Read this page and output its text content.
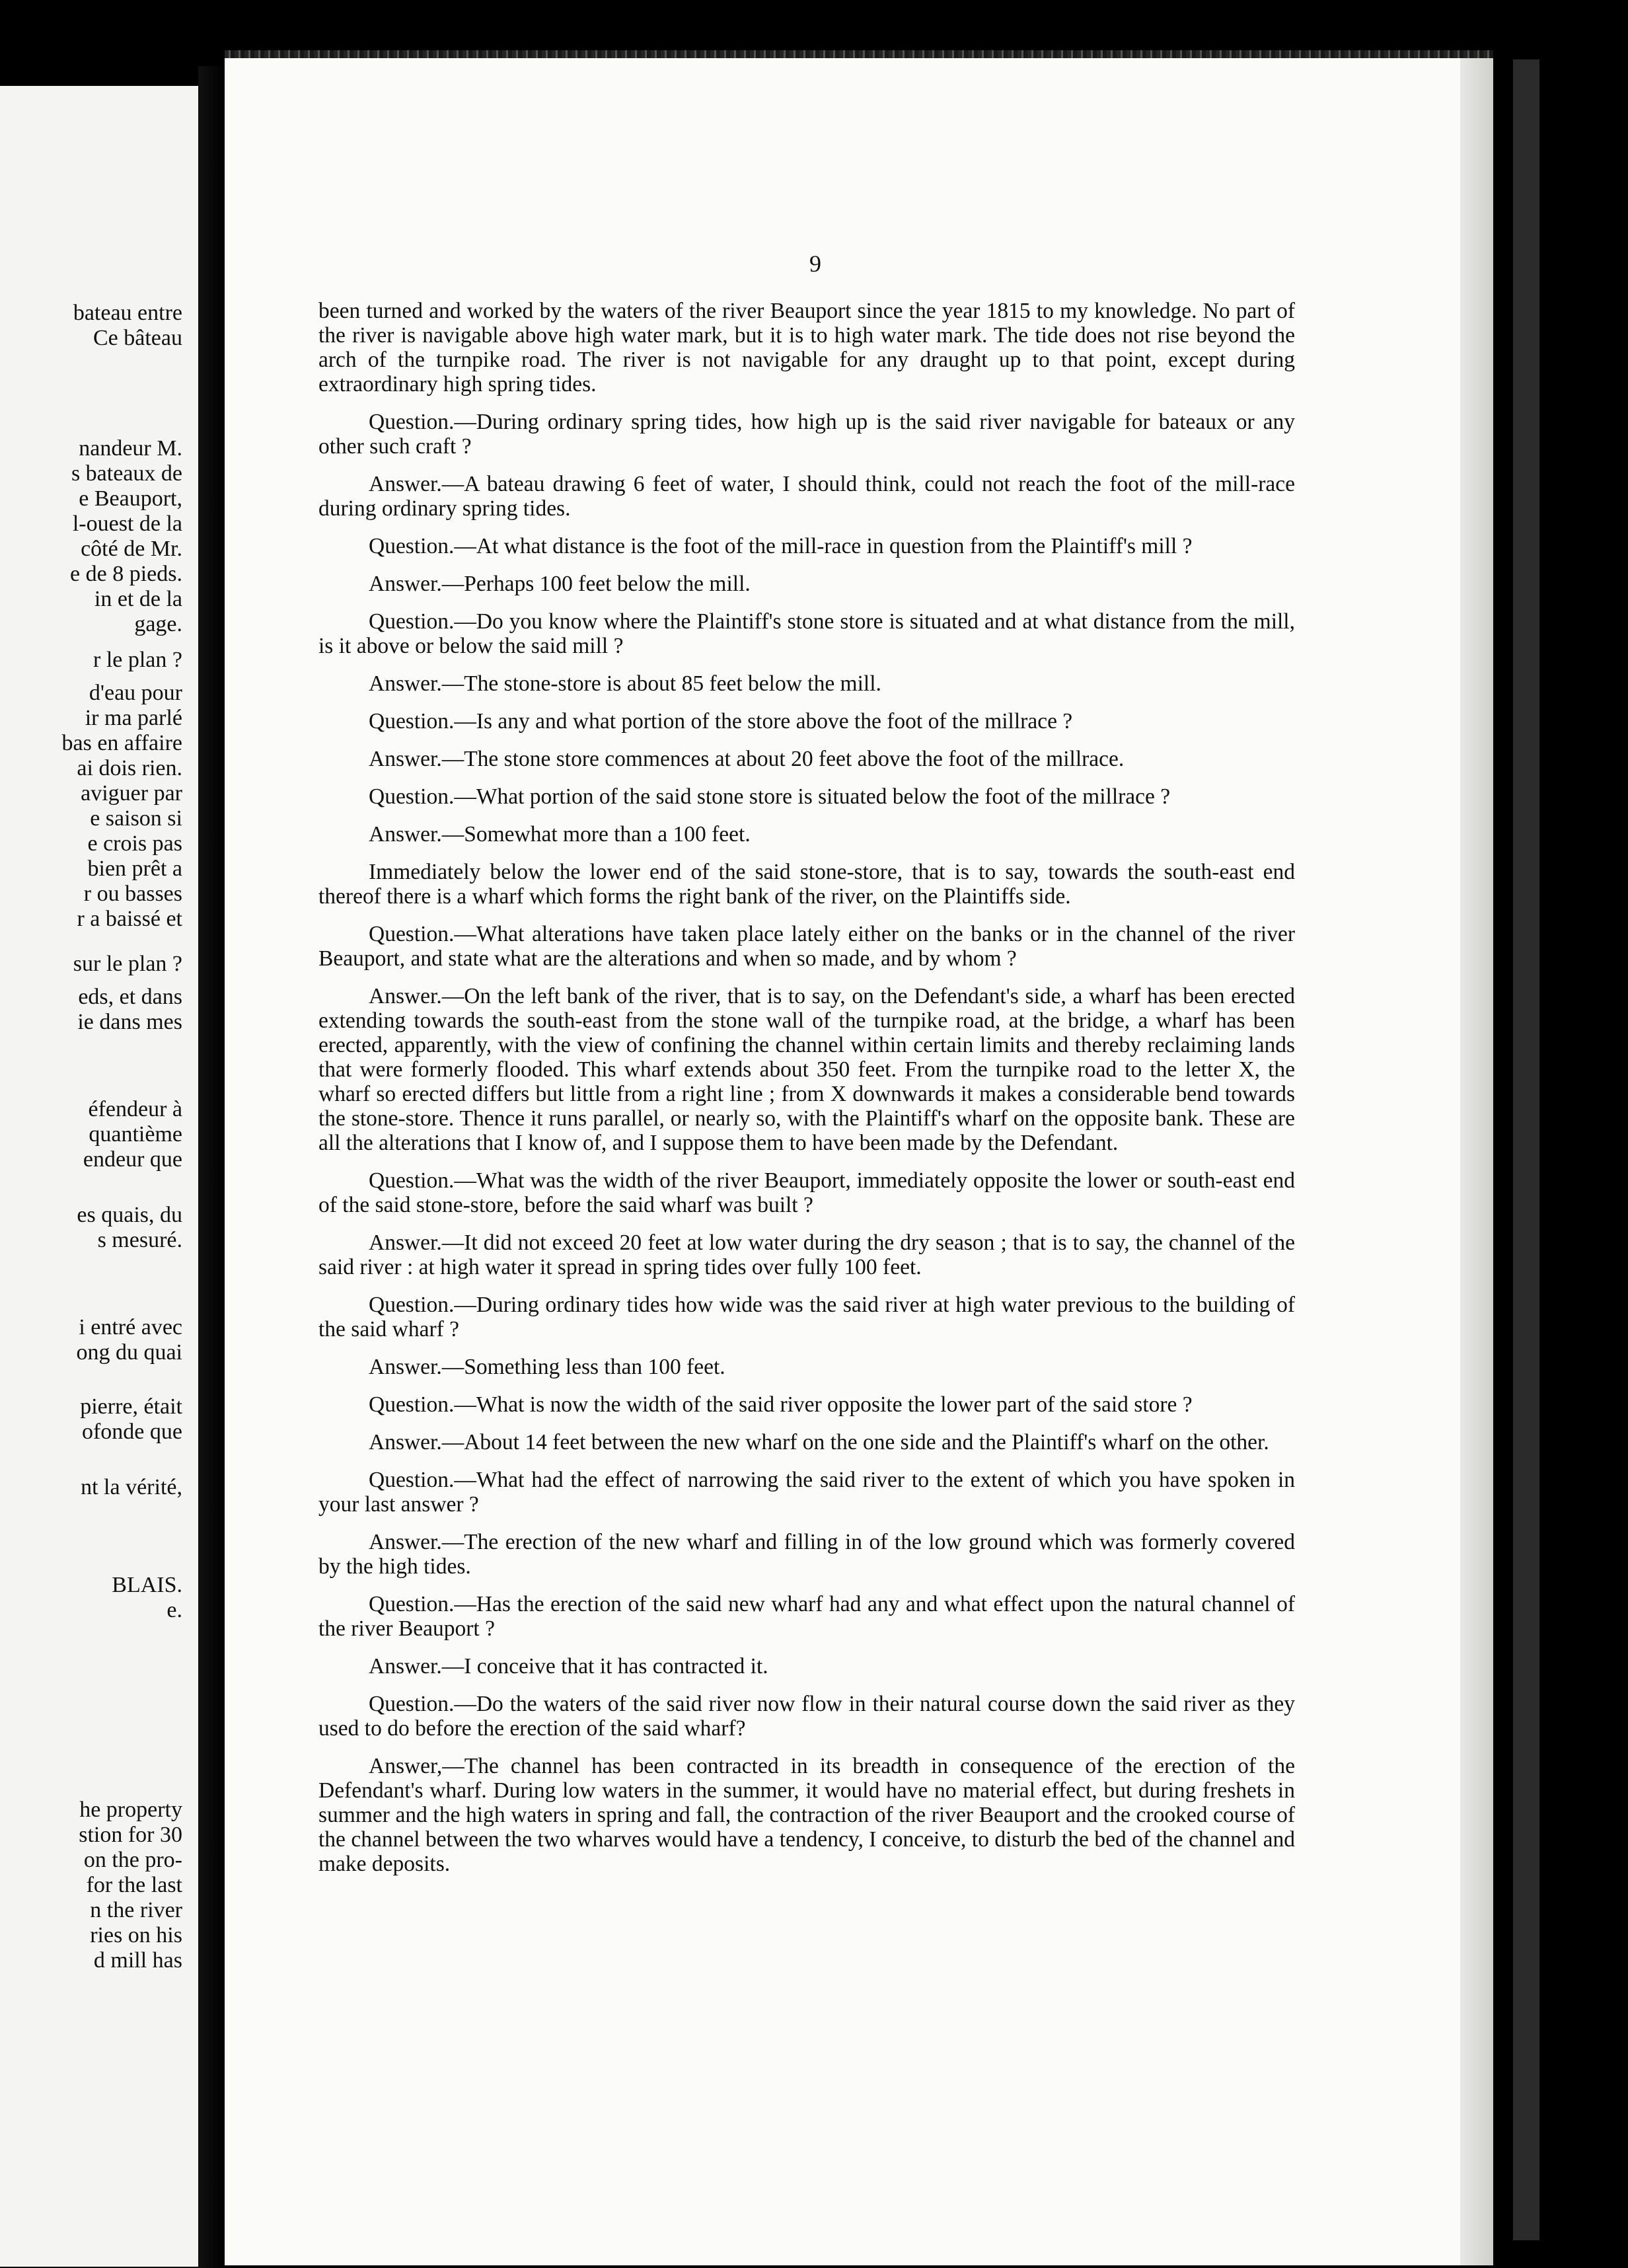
bateau entre
Ce bâteau
nandeur M.
s bateaux de
e Beauport,
l-ouest de la
côté de Mr.
e de 8 pieds.
in et de la
gage.
r le plan ?
d'eau pour
ir ma parlé
bas en affaire
ai dois rien.
aviguer par
e saison si
e crois pas
bien prêt a
r ou basses
r a baissé et
sur le plan ?
eds, et dans
ie dans mes
éfendeur à
quantième
endeur que
es quais, du
s mesuré.
i entré avec
ong du quai
pierre, était
ofonde que
nt la vérité,
BLAIS.
e.
he property
stion for 30
on the pro-
for the last
n the river
ries on his
d mill has
9

been turned and worked by the waters of the river Beauport since the year 1815 to my knowledge. No part of the river is navigable above high water mark, but it is to high water mark. The tide does not rise beyond the arch of the turnpike road. The river is not navigable for any draught up to that point, except during extraordinary high spring tides.

Question.—During ordinary spring tides, how high up is the said river navigable for bateaux or any other such craft ?

Answer.—A bateau drawing 6 feet of water, I should think, could not reach the foot of the mill-race during ordinary spring tides.

Question.—At what distance is the foot of the mill-race in question from the Plaintiff's mill ?

Answer.—Perhaps 100 feet below the mill.

Question.—Do you know where the Plaintiff's stone store is situated and at what distance from the mill, is it above or below the said mill ?

Answer.—The stone-store is about 85 feet below the mill.

Question.—Is any and what portion of the store above the foot of the millrace ?

Answer.—The stone store commences at about 20 feet above the foot of the millrace.

Question.—What portion of the said stone store is situated below the foot of the millrace ?

Answer.—Somewhat more than a 100 feet.

Immediately below the lower end of the said stone-store, that is to say, towards the south-east end thereof there is a wharf which forms the right bank of the river, on the Plaintiffs side.

Question.—What alterations have taken place lately either on the banks or in the channel of the river Beauport, and state what are the alterations and when so made, and by whom ?

Answer.—On the left bank of the river, that is to say, on the Defendant's side, a wharf has been erected extending towards the south-east from the stone wall of the turnpike road, at the bridge, a wharf has been erected, apparently, with the view of confining the channel within certain limits and thereby reclaiming lands that were formerly flooded. This wharf extends about 350 feet. From the turnpike road to the letter X, the wharf so erected differs but little from a right line ; from X downwards it makes a considerable bend towards the stone-store. Thence it runs parallel, or nearly so, with the Plaintiff's wharf on the opposite bank. These are all the alterations that I know of, and I suppose them to have been made by the Defendant.

Question.—What was the width of the river Beauport, immediately opposite the lower or south-east end of the said stone-store, before the said wharf was built ?

Answer.—It did not exceed 20 feet at low water during the dry season ; that is to say, the channel of the said river : at high water it spread in spring tides over fully 100 feet.

Question.—During ordinary tides how wide was the said river at high water previous to the building of the said wharf ?

Answer.—Something less than 100 feet.

Question.—What is now the width of the said river opposite the lower part of the said store ?

Answer.—About 14 feet between the new wharf on the one side and the Plaintiff's wharf on the other.

Question.—What had the effect of narrowing the said river to the extent of which you have spoken in your last answer ?

Answer.—The erection of the new wharf and filling in of the low ground which was formerly covered by the high tides.

Question.—Has the erection of the said new wharf had any and what effect upon the natural channel of the river Beauport ?

Answer.—I conceive that it has contracted it.

Question.—Do the waters of the said river now flow in their natural course down the said river as they used to do before the erection of the said wharf?

Answer,—The channel has been contracted in its breadth in consequence of the erection of the Defendant's wharf. During low waters in the summer, it would have no material effect, but during freshets in summer and the high waters in spring and fall, the contraction of the river Beauport and the crooked course of the channel between the two wharves would have a tendency, I conceive, to disturb the bed of the channel and make deposits.
